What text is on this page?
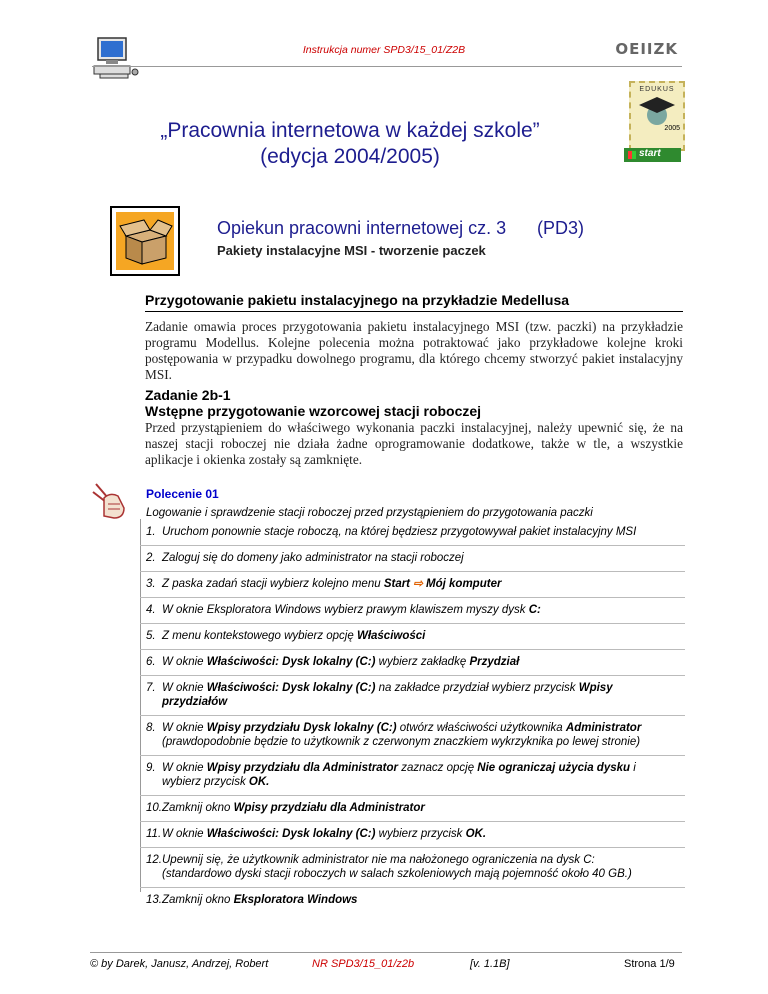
Instrukcja numer SPD3/15_01/Z2B	OEIIZK
EDUKUS
2005
start
„Pracownia internetowa w każdej szkole”
(edycja 2004/2005)
Opiekun pracowni internetowej cz. 3 (PD3)
Pakiety instalacyjne MSI - tworzenie paczek
Przygotowanie pakietu instalacyjnego na przykładzie Medellusa
Zadanie omawia proces przygotowania pakietu instalacyjnego MSI (tzw. paczki) na przykładzie programu Modellus. Kolejne polecenia można potraktować jako przykładowe kolejne kroki postępowania w przypadku dowolnego programu, dla którego chcemy stworzyć pakiet instalacyjny MSI.
Zadanie 2b-1
Wstępne przygotowanie wzorcowej stacji roboczej
Przed przystąpieniem do właściwego wykonania paczki instalacyjnej, należy upewnić się, że na naszej stacji roboczej nie działa żadne oprogramowanie dodatkowe, także w tle, a wszystkie aplikacje i okienka zostały są zamknięte.
Polecenie 01
Logowanie i sprawdzenie stacji roboczej przed przystąpieniem do przygotowania paczki
1. Uruchom ponownie stacje roboczą, na której będziesz przygotowywał pakiet instalacyjny MSI
2. Zaloguj się do domeny jako administrator na stacji roboczej
3. Z paska zadań stacji wybierz kolejno menu Start ⇨ Mój komputer
4. W oknie Eksploratora Windows wybierz prawym klawiszem myszy dysk C:
5. Z menu kontekstowego wybierz opcję Właściwości
6. W oknie Właściwości: Dysk lokalny (C:) wybierz zakładkę Przydział
7. W oknie Właściwości: Dysk lokalny (C:) na zakładce przydział wybierz przycisk Wpisy
przydziałów
8. W oknie Wpisy przydziału Dysk lokalny (C:) otwórz właściwości użytkownika Administrator
(prawdopodobnie będzie to użytkownik z czerwonym znaczkiem wykrzyknika po lewej stronie)
9. W oknie Wpisy przydziału dla Administrator zaznacz opcję Nie ograniczaj użycia dysku i
wybierz przycisk OK.
10.Zamknij okno Wpisy przydziału dla Administrator
11.W oknie Właściwości: Dysk lokalny (C:) wybierz przycisk OK.
12.Upewnij się, że użytkownik administrator nie ma nałożonego ograniczenia na dysk C:
(standardowo dyski stacji roboczych w salach szkoleniowych mają pojemność około 40 GB.)
13.Zamknij okno Eksploratora Windows
© by Darek, Janusz, Andrzej, Robert	NR SPD3/15_01/z2b	[v. 1.1B]	Strona 1/9
